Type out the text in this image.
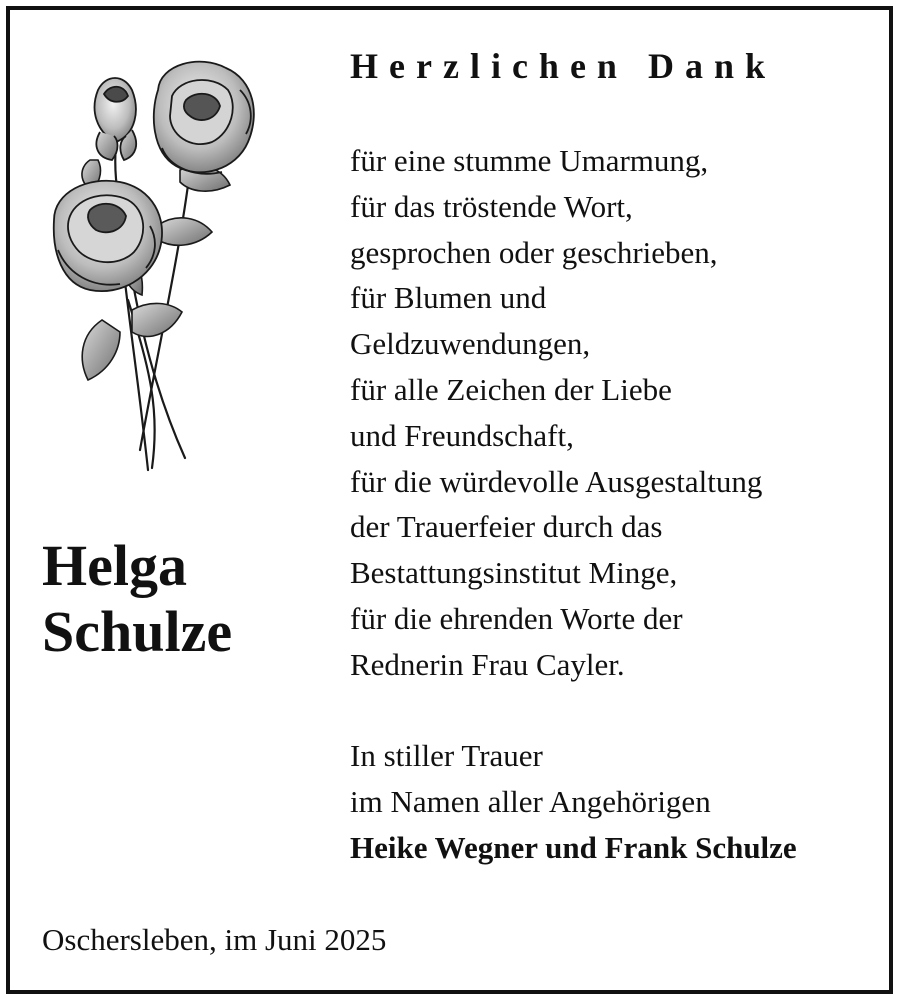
Herzlichen Dank
für eine stumme Umarmung,
für das tröstende Wort,
gesprochen oder geschrieben,
für Blumen und
Geldzuwendungen,
für alle Zeichen der Liebe
und Freundschaft,
für die würdevolle Ausgestaltung
der Trauerfeier durch das
Bestattungsinstitut Minge,
für die ehrenden Worte der
Rednerin Frau Cayler.
Helga
Schulze
In stiller Trauer
im Namen aller Angehörigen
Heike Wegner und Frank Schulze
Oschersleben, im Juni 2025
